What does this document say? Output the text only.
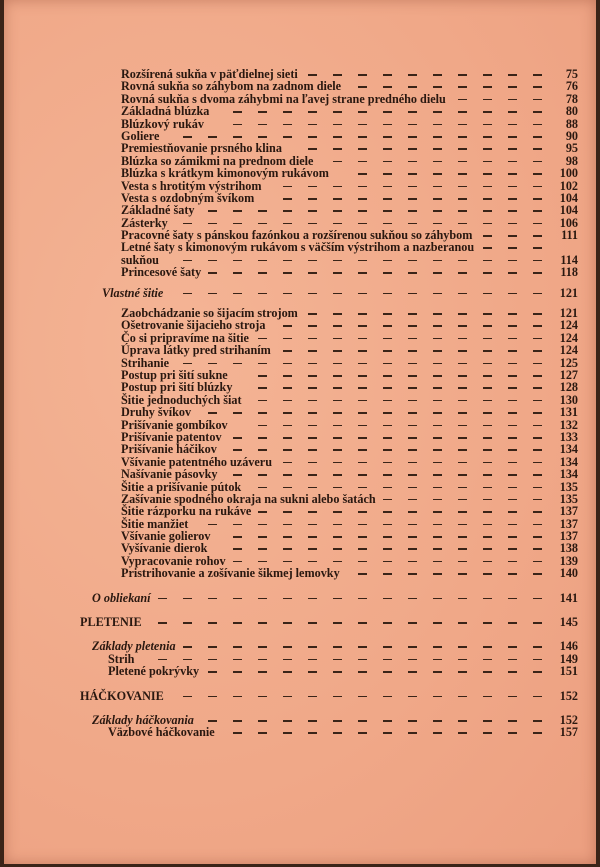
Rozšírená sukňa v päťdielnej sieti	75
Rovná sukňa so záhybom na zadnom diele	76
Rovná sukňa s dvoma záhybmi na ľavej strane predného dielu	78
Základná blúzka	80
Blúzkový rukáv	88
Goliere	90
Premiestňovanie prsného klina	95
Blúzka so zámikmi na prednom diele	98
Blúzka s krátkym kimonovým rukávom	100
Vesta s hrotitým výstrihom	102
Vesta s ozdobným švíkom	104
Základné šaty	104
Zásterky	106
Pracovné šaty s pánskou fazónkou a rozšírenou sukňou so záhybom	111
Letné šaty s kimonovým rukávom s väčším výstrihom a nazberanou
sukňou	114
Princesové šaty	118
Vlastné šitie	121
Zaobchádzanie so šijacím strojom	121
Ošetrovanie šijacieho stroja	124
Čo si pripravíme na šitie	124
Úprava látky pred strihaním	124
Strihanie	125
Postup pri šití sukne	127
Postup pri šití blúzky	128
Šitie jednoduchých šiat	130
Druhy švíkov	131
Prišívanie gombíkov	132
Prišívanie patentov	133
Prišívanie háčikov	134
Všívanie patentného uzáveru	134
Našívanie pásovky	134
Šitie a prišívanie pútok	135
Zašívanie spodného okraja na sukni alebo šatách	135
Šitie rázporku na rukáve	137
Šitie manžiet	137
Všívanie golierov	137
Vyšívanie dierok	138
Vypracovanie rohov	139
Pristrihovanie a zošívanie šikmej lemovky	140
O obliekaní	141
PLETENIE	145
Základy pletenia	146
Strih	149
Pletené pokrývky	151
HÁČKOVANIE	152
Základy háčkovania	152
Väzbové háčkovanie	157
